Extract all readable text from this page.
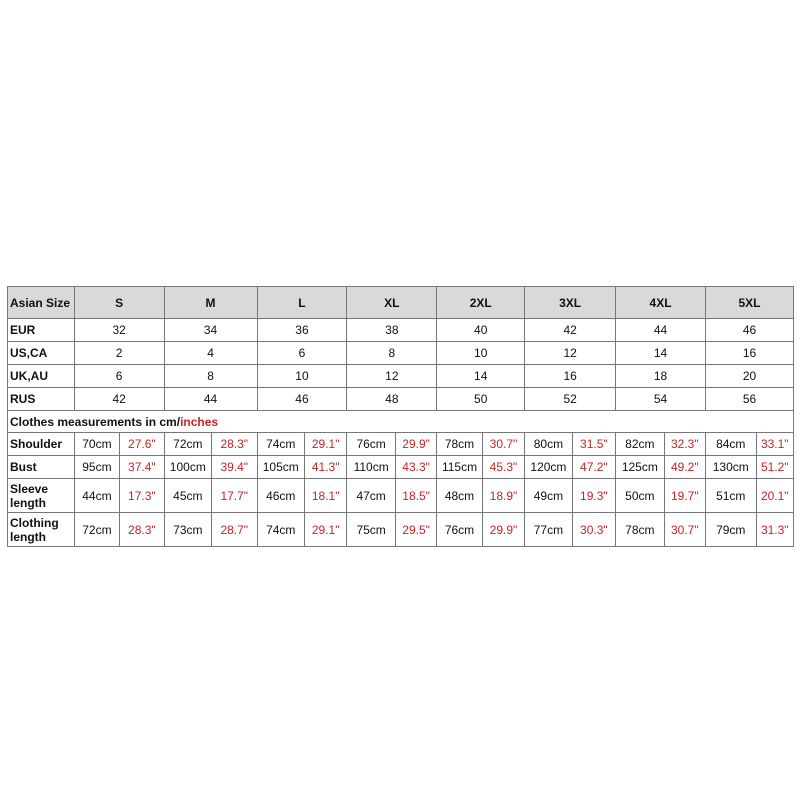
Asian Size	S		M		L		XL		2XL		3XL		4XL		5XL	
EUR	32		34		36		38		40		42		44		46	
US,CA	2		4		6		8		10		12		14		16	
UK,AU	6		8		10		12		14		16		18		20	
RUS	42		44		46		48		50		52		54		56	
Clothes measurements in cm/inches																
Shoulder	70cm	27.6"	72cm	28.3"	74cm	29.1"	76cm	29.9"	78cm	30.7"	80cm	31.5"	82cm	32.3"	84cm	33.1"
Bust	95cm	37.4"	100cm	39.4"	105cm	41.3"	110cm	43.3"	115cm	45.3"	120cm	47.2"	125cm	49.2"	130cm	51.2"
Sleeve length	44cm	17.3"	45cm	17.7"	46cm	18.1"	47cm	18.5"	48cm	18.9"	49cm	19.3"	50cm	19.7"	51cm	20.1"
Clothing length	72cm	28.3"	73cm	28.7"	74cm	29.1"	75cm	29.5"	76cm	29.9"	77cm	30.3"	78cm	30.7"	79cm	31.3"
